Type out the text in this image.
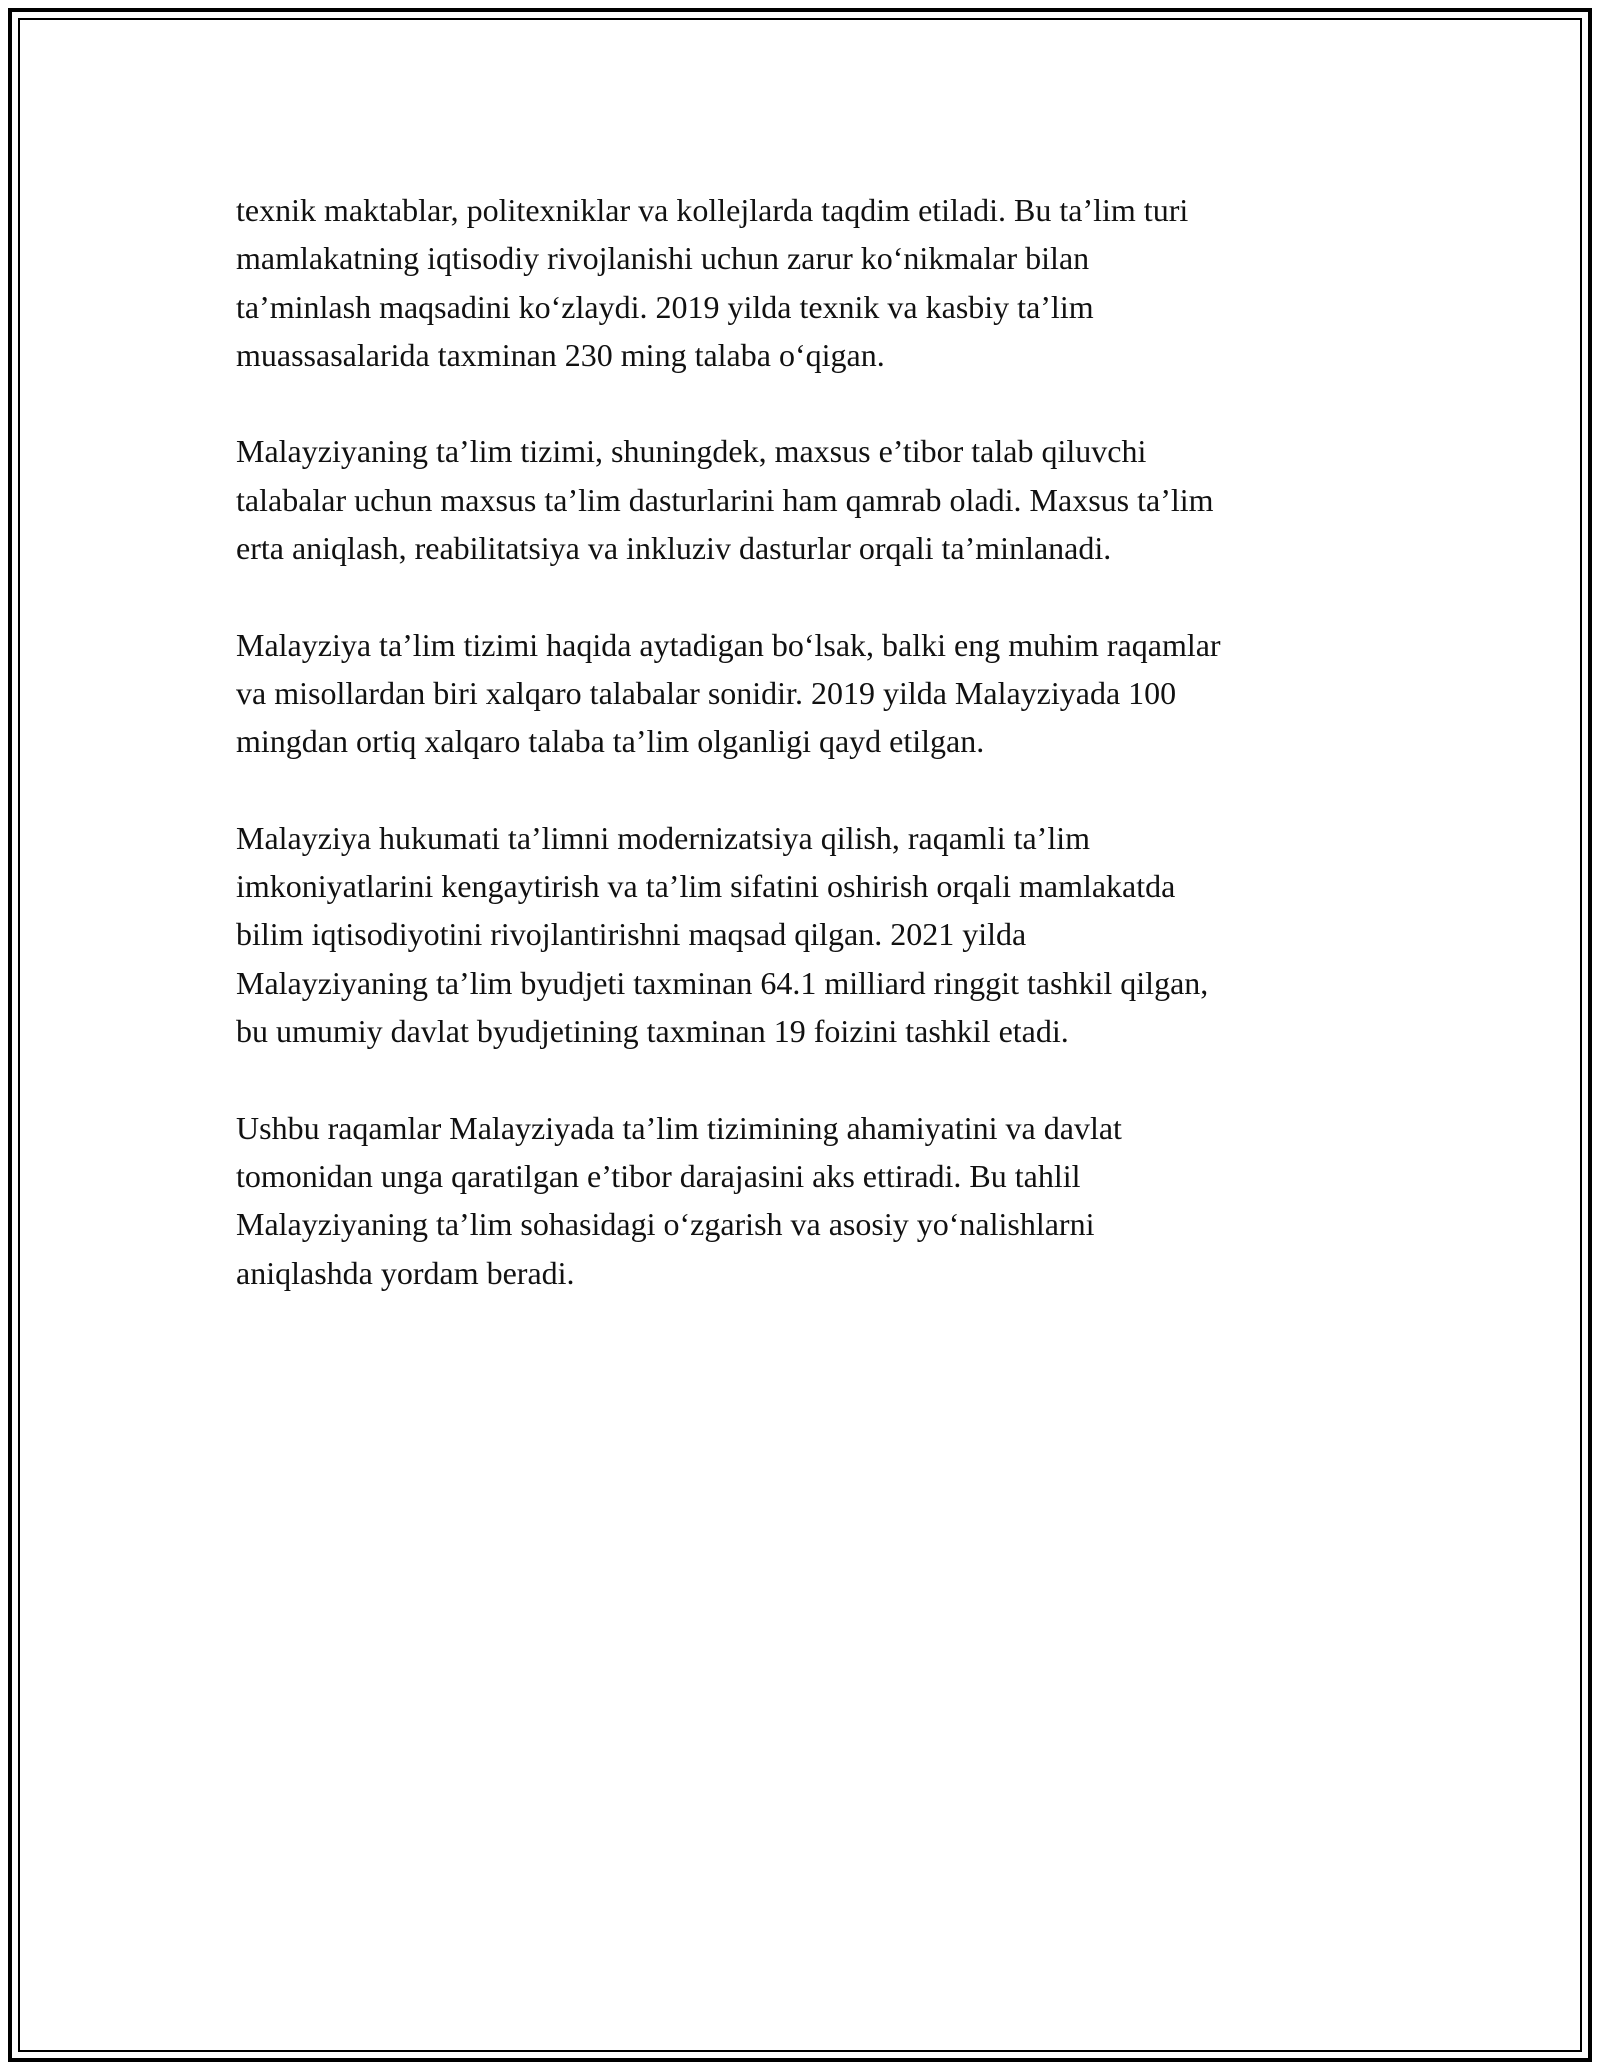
texnik maktablar, politexniklar va kollejlarda taqdim etiladi. Bu ta’lim turi
mamlakatning iqtisodiy rivojlanishi uchun zarur koʻnikmalar bilan
ta’minlash maqsadini koʻzlaydi. 2019 yilda texnik va kasbiy ta’lim
muassasalarida taxminan 230 ming talaba oʻqigan.

Malayziyaning ta’lim tizimi, shuningdek, maxsus e’tibor talab qiluvchi
talabalar uchun maxsus ta’lim dasturlarini ham qamrab oladi. Maxsus ta’lim
erta aniqlash, reabilitatsiya va inkluziv dasturlar orqali ta’minlanadi.

Malayziya ta’lim tizimi haqida aytadigan boʻlsak, balki eng muhim raqamlar
va misollardan biri xalqaro talabalar sonidir. 2019 yilda Malayziyada 100
mingdan ortiq xalqaro talaba ta’lim olganligi qayd etilgan.

Malayziya hukumati ta’limni modernizatsiya qilish, raqamli ta’lim
imkoniyatlarini kengaytirish va ta’lim sifatini oshirish orqali mamlakatda
bilim iqtisodiyotini rivojlantirishni maqsad qilgan. 2021 yilda
Malayziyaning ta’lim byudjeti taxminan 64.1 milliard ringgit tashkil qilgan,
bu umumiy davlat byudjetining taxminan 19 foizini tashkil etadi.

Ushbu raqamlar Malayziyada ta’lim tizimining ahamiyatini va davlat
tomonidan unga qaratilgan e’tibor darajasini aks ettiradi. Bu tahlil
Malayziyaning ta’lim sohasidagi oʻzgarish va asosiy yoʻnalishlarni
aniqlashda yordam beradi.
